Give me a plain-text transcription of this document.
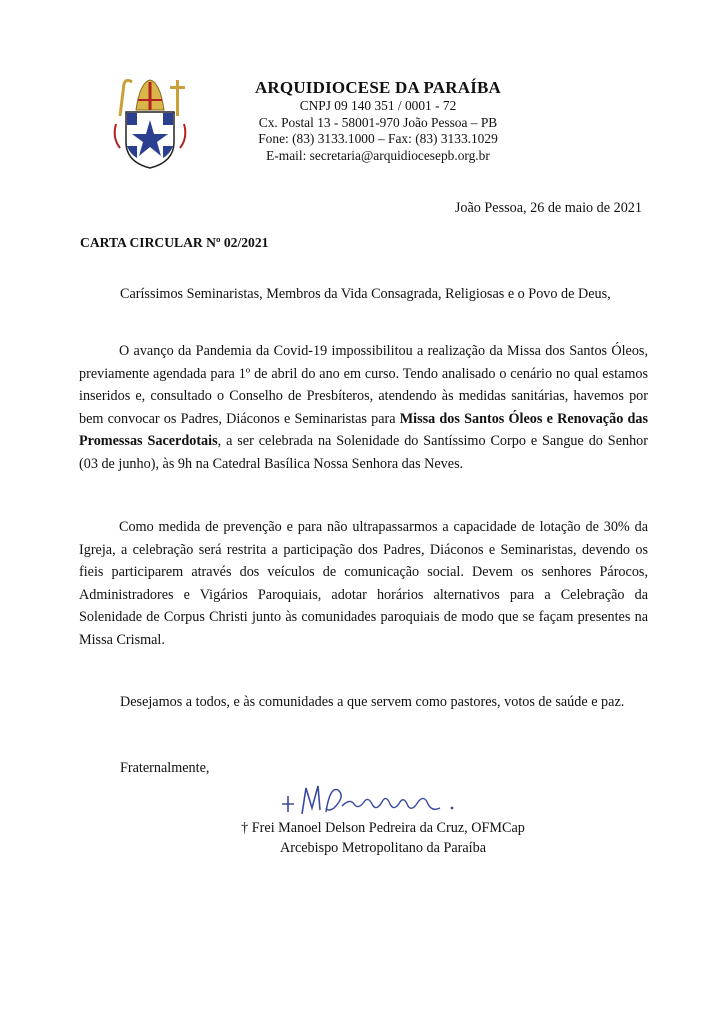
ARQUIDIOCESE DA PARAÍBA
CNPJ 09 140 351 / 0001 - 72
Cx. Postal 13 - 58001-970 João Pessoa – PB
Fone: (83) 3133.1000 – Fax: (83) 3133.1029
E-mail: secretaria@arquidiocesepb.org.br
João Pessoa, 26 de maio de 2021
CARTA CIRCULAR Nº 02/2021
Caríssimos Seminaristas, Membros da Vida Consagrada, Religiosas e o Povo de Deus,

O avanço da Pandemia da Covid-19 impossibilitou a realização da Missa dos Santos Óleos, previamente agendada para 1º de abril do ano em curso. Tendo analisado o cenário no qual estamos inseridos e, consultado o Conselho de Presbíteros, atendendo às medidas sanitárias, havemos por bem convocar os Padres, Diáconos e Seminaristas para Missa dos Santos Óleos e Renovação das Promessas Sacerdotais, a ser celebrada na Solenidade do Santíssimo Corpo e Sangue do Senhor (03 de junho), às 9h na Catedral Basílica Nossa Senhora das Neves.

Como medida de prevenção e para não ultrapassarmos a capacidade de lotação de 30% da Igreja, a celebração será restrita a participação dos Padres, Diáconos e Seminaristas, devendo os fieis participarem através dos veículos de comunicação social. Devem os senhores Párocos, Administradores e Vigários Paroquiais, adotar horários alternativos para a Celebração da Solenidade de Corpus Christi junto às comunidades paroquiais de modo que se façam presentes na Missa Crismal.

Desejamos a todos, e às comunidades a que servem como pastores, votos de saúde e paz.
Fraternalmente,
† Frei Manoel Delson Pedreira da Cruz, OFMCap
Arcebispo Metropolitano da Paraíba
